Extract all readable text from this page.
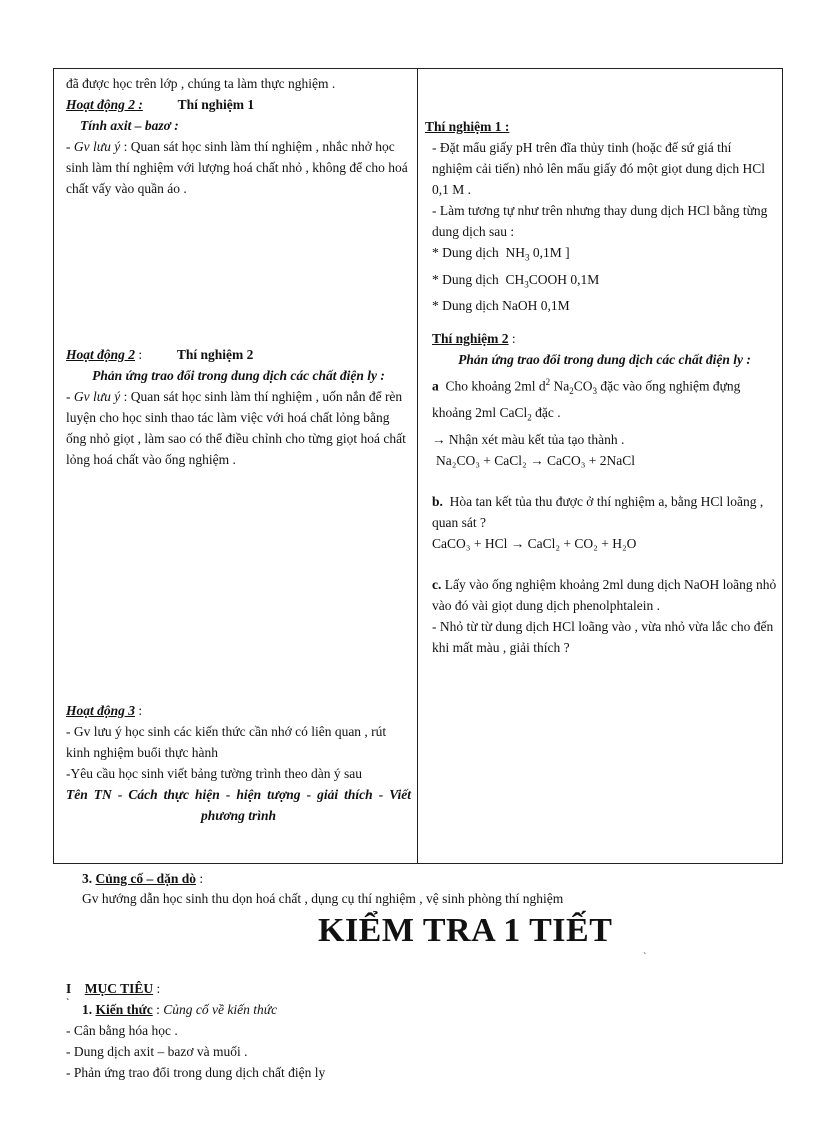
đã được học trên lớp , chúng ta làm thực nghiệm .
Hoạt động 2 :	Thí nghiệm 1
Tính axit – bazơ :
- Gv lưu ý : Quan sát học sinh làm thí nghiệm , nhắc nhở học sinh làm thí nghiệm với lượng hoá chất nhỏ , không để cho hoá chất vấy vào quần áo .
Hoạt động 2 :	Thí nghiệm 2
Phản ứng trao đổi trong dung dịch các chất điện ly :
- Gv lưu ý : Quan sát học sinh làm thí nghiệm , uốn nắn để rèn luyện cho học sinh thao tác làm việc với hoá chất lỏng bằng ống nhỏ giọt , làm sao có thể điều chỉnh cho từng giọt hoá chất lỏng hoá chất vào ống nghiệm .
Hoạt động 3 :
- Gv lưu ý học sinh các kiến thức cần nhớ có liên quan , rút kinh nghiệm buổi thực hành
-Yêu cầu học sinh viết bảng tường trình theo dàn ý sau
Tên TN - Cách thực hiện - hiện tượng - giải thích - Viết phương trình
Thí nghiệm 1 :
- Đặt mẩu giấy pH trên đĩa thủy tinh (hoặc đế sứ giá thí nghiệm cải tiến) nhỏ lên mẩu giấy đó một giọt dung dịch HCl 0,1 M .
- Làm tương tự như trên nhưng thay dung dịch HCl bằng từng dung dịch sau :
* Dung dịch $NH_3$ 0,1M ]
* Dung dịch $CH_3COOH$ 0,1M
* Dung dịch NaOH 0,1M
Thí nghiệm 2 :
Phản ứng trao đổi trong dung dịch các chất điện ly :
a Cho khoảng 2ml $d^2$ $Na_2CO_3$ đặc vào ống nghiệm đựng khoảng 2ml CaCl$_2$ đặc .
→ Nhận xét màu kết tủa tạo thành .
Na₂CO₃ + CaCl₂ → CaCO₃ + 2NaCl
b. Hòa tan kết tủa thu được ở thí nghiệm a, bằng HCl loãng , quan sát ?
CaCO₃ + HCl → CaCl₂ + CO₂ + H₂O
c. Lấy vào ống nghiệm khoảng 2ml dung dịch NaOH loãng nhỏ vào đó vài giọt dung dịch phenolphtalein .
- Nhỏ từ từ dung dịch HCl loãng vào , vừa nhỏ vừa lắc cho đến khi mất màu , giải thích ?
3. Củng cố – dặn dò :
Gv hướng dẫn học sinh thu dọn hoá chất , dụng cụ thí nghiệm , vệ sinh phòng thí nghiệm
KIỂM TRA 1 TIẾT
`
I MỤC TIÊU :
` 1. Kiến thức : Củng cố về kiến thức
- Cân bằng hóa học .
- Dung dịch axit – bazơ và muối .
- Phản ứng trao đổi trong dung dịch chất điện ly
